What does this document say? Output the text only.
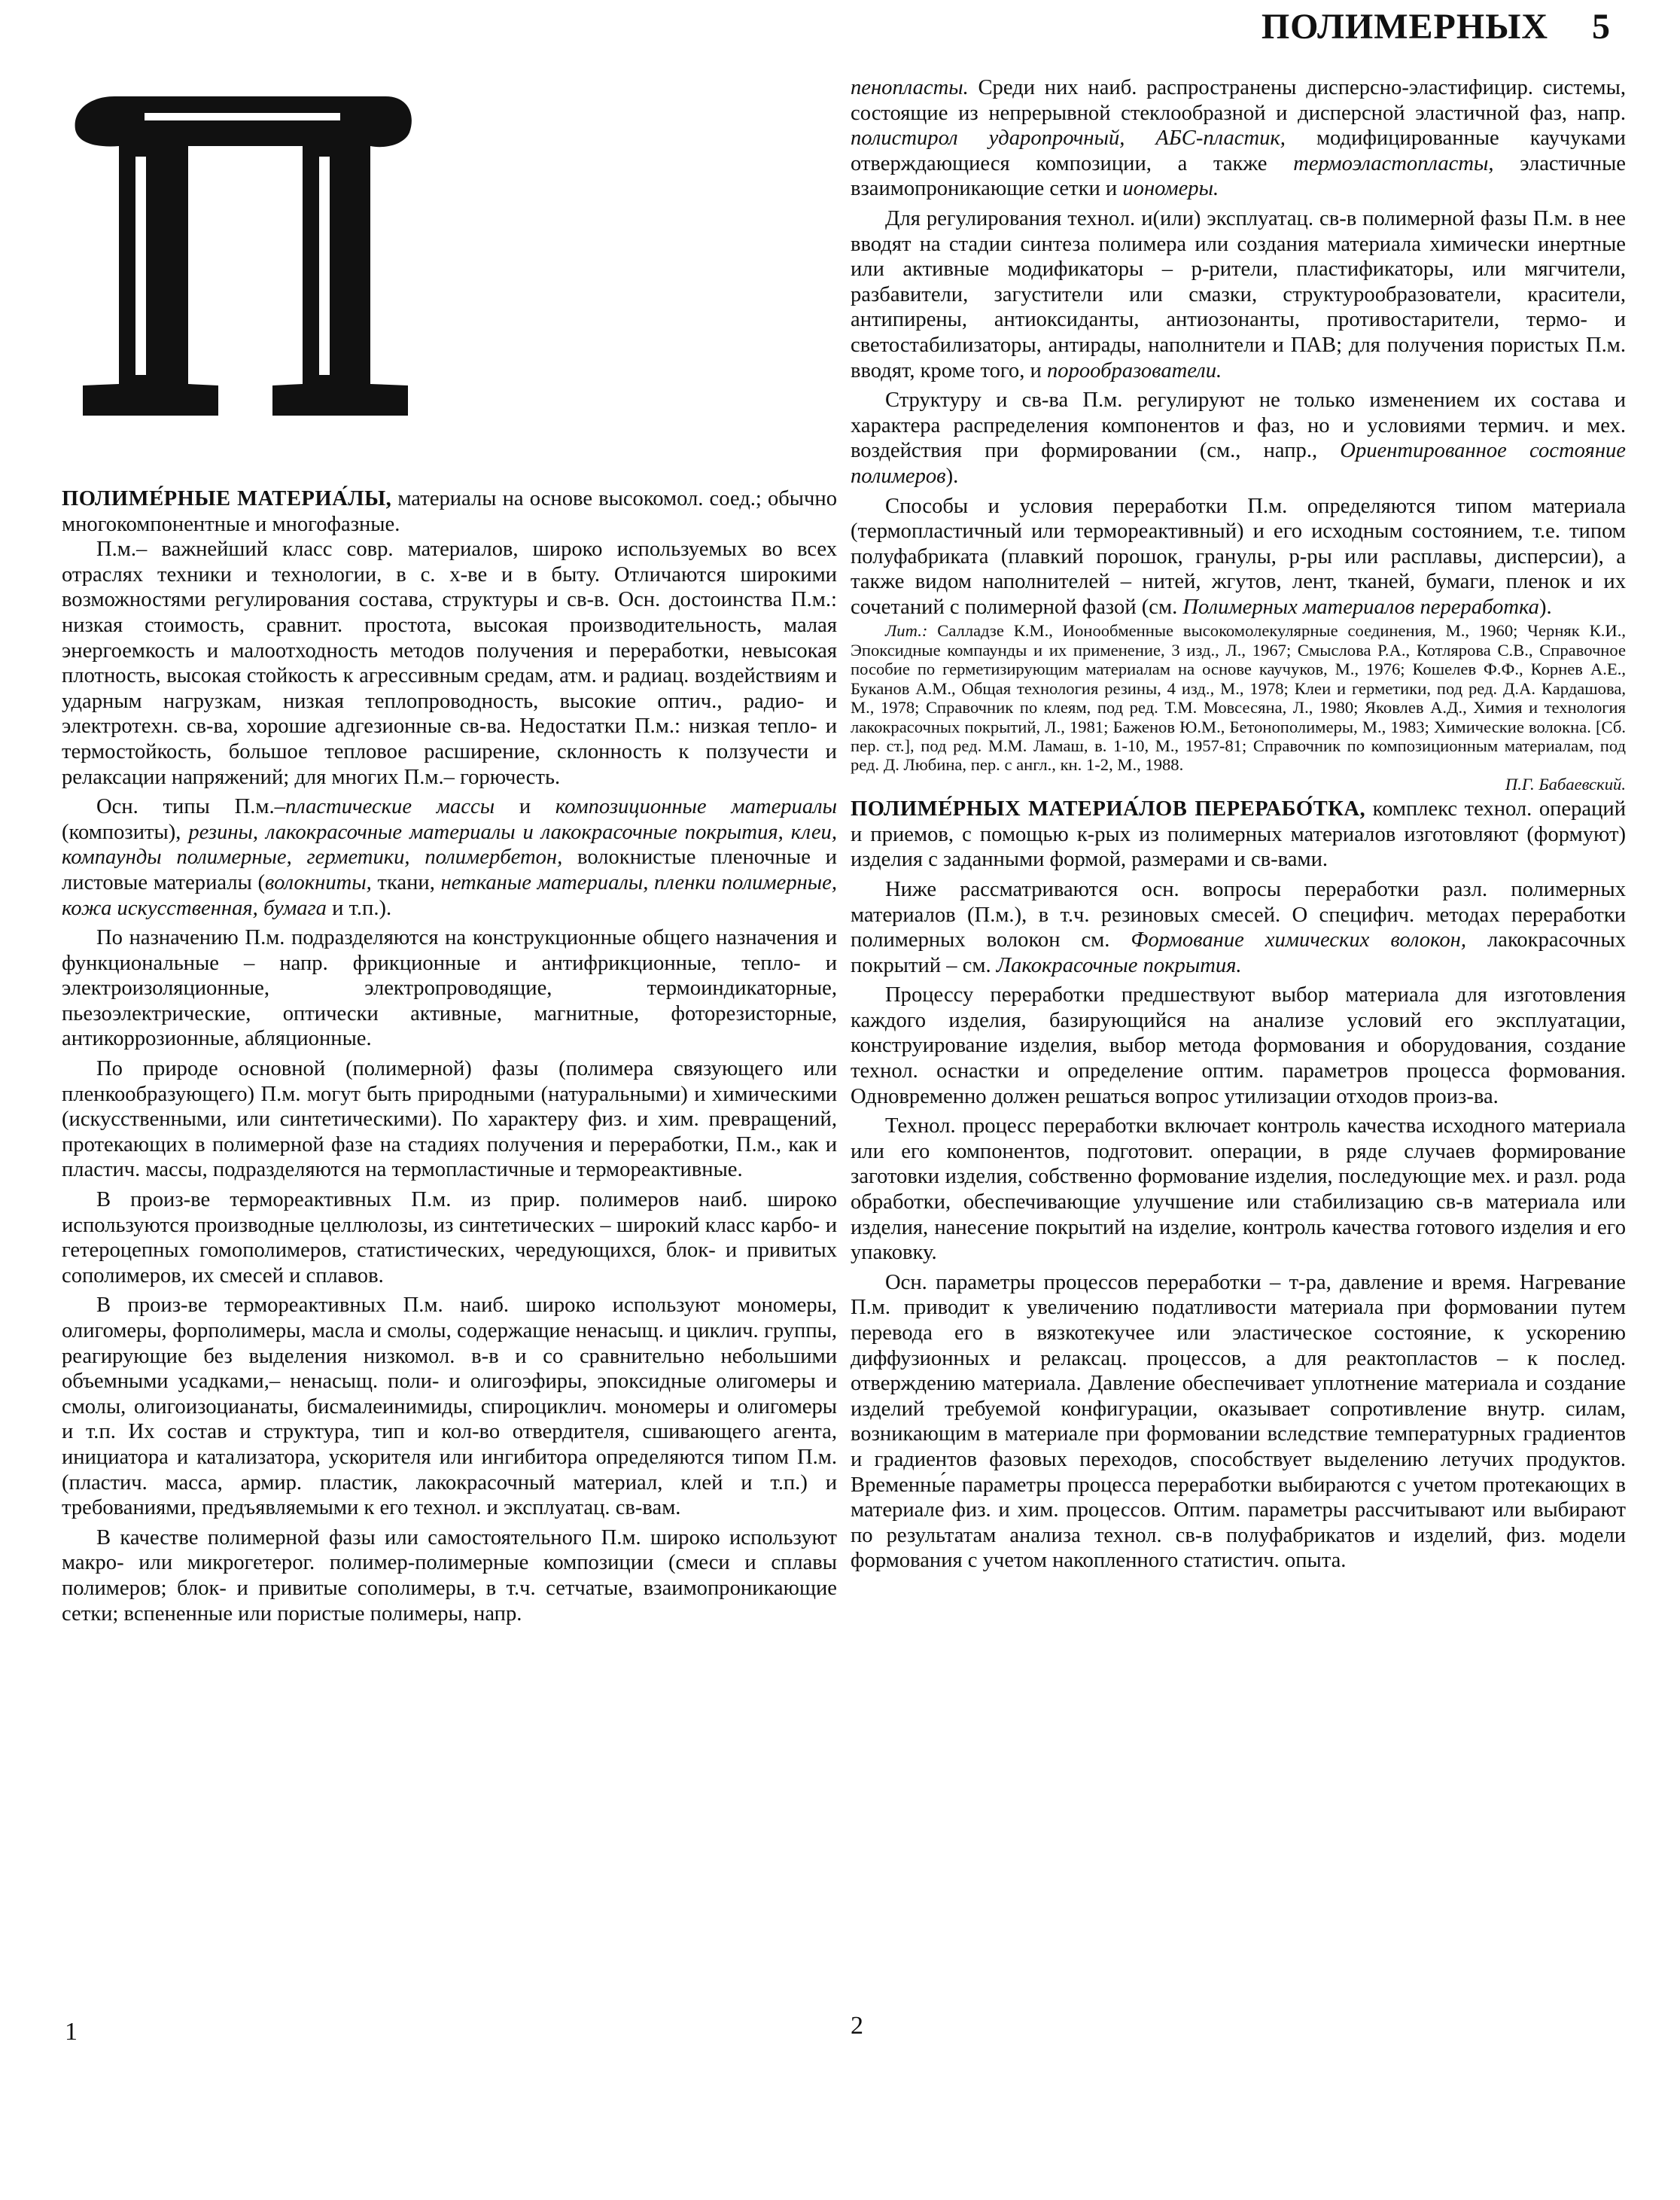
ПОЛИМЕРНЫХ 5
П

ПОЛИМЕ́РНЫЕ МАТЕРИА́ЛЫ, материалы на основе высокомол. соед.; обычно многокомпонентные и многофазные.

П.м.– важнейший класс совр. материалов, широко используемых во всех отраслях техники и технологии, в с. х-ве и в быту. Отличаются широкими возможностями регулирования состава, структуры и св-в. Осн. достоинства П.м.: низкая стоимость, сравнит. простота, высокая производительность, малая энергоемкость и малоотходность методов получения и переработки, невысокая плотность, высокая стойкость к агрессивным средам, атм. и радиац. воздействиям и ударным нагрузкам, низкая теплопроводность, высокие оптич., радио- и электротехн. св-ва, хорошие адгезионные св-ва. Недостатки П.м.: низкая тепло- и термостойкость, большое тепловое расширение, склонность к ползучести и релаксации напряжений; для многих П.м.– горючесть.

Осн. типы П.м.–пластические массы и композиционные материалы (композиты), резины, лакокрасочные материалы и лакокрасочные покрытия, клеи, компаунды полимерные, герметики, полимербетон, волокнистые пленочные и листовые материалы (волокниты, ткани, нетканые материалы, пленки полимерные, кожа искусственная, бумага и т.п.).

По назначению П.м. подразделяются на конструкционные общего назначения и функциональные – напр. фрикционные и антифрикционные, тепло- и электроизоляционные, электропроводящие, термоиндикаторные, пьезоэлектрические, оптически активные, магнитные, фоторезисторные, антикоррозионные, абляционные.

По природе основной (полимерной) фазы (полимера связующего или пленкообразующего) П.м. могут быть природными (натуральными) и химическими (искусственными, или синтетическими). По характеру физ. и хим. превращений, протекающих в полимерной фазе на стадиях получения и переработки, П.м., как и пластич. массы, подразделяются на термопластичные и термореактивные.

В произ-ве термореактивных П.м. из прир. полимеров наиб. широко используются производные целлюлозы, из синтетических – широкий класс карбо- и гетероцепных гомополимеров, статистических, чередующихся, блок- и привитых сополимеров, их смесей и сплавов.

В произ-ве термореактивных П.м. наиб. широко используют мономеры, олигомеры, форполимеры, масла и смолы, содержащие ненасыщ. и циклич. группы, реагирующие без выделения низкомол. в-в и со сравнительно небольшими объемными усадками,– ненасыщ. поли- и олигоэфиры, эпоксидные олигомеры и смолы, олигоизоцианаты, бисмалеинимиды, спироциклич. мономеры и олигомеры и т.п. Их состав и структура, тип и кол-во отвердителя, сшивающего агента, инициатора и катализатора, ускорителя или ингибитора определяются типом П.м. (пластич. масса, армир. пластик, лакокрасочный материал, клей и т.п.) и требованиями, предъявляемыми к его технол. и эксплуатац. св-вам.

В качестве полимерной фазы или самостоятельного П.м. широко используют макро- или микрогетерог. полимер-полимерные композиции (смеси и сплавы полимеров; блок- и привитые сополимеры, в т.ч. сетчатые, взаимопроникающие сетки; вспененные или пористые полимеры, напр.

пенопласты. Среди них наиб. распространены дисперсно-эластифицир. системы, состоящие из непрерывной стеклообразной и дисперсной эластичной фаз, напр. полистирол ударопрочный, АБС-пластик, модифицированные каучуками отверждающиеся композиции, а также термоэластопласты, эластичные взаимопроникающие сетки и иономеры.

Для регулирования технол. и(или) эксплуатац. св-в полимерной фазы П.м. в нее вводят на стадии синтеза полимера или создания материала химически инертные или активные модификаторы – р-рители, пластификаторы, или мягчители, разбавители, загустители или смазки, структурообразователи, красители, антипирены, антиоксиданты, антиозонанты, противостарители, термо- и светостабилизаторы, антирады, наполнители и ПАВ; для получения пористых П.м. вводят, кроме того, и порообразователи.

Структуру и св-ва П.м. регулируют не только изменением их состава и характера распределения компонентов и фаз, но и условиями термич. и мех. воздействия при формировании (см., напр., Ориентированное состояние полимеров).

Способы и условия переработки П.м. определяются типом материала (термопластичный или термореактивный) и его исходным состоянием, т.е. типом полуфабриката (плавкий порошок, гранулы, р-ры или расплавы, дисперсии), а также видом наполнителей – нитей, жгутов, лент, тканей, бумаги, пленок и их сочетаний с полимерной фазой (см. Полимерных материалов переработка).

Лит.: Салладзе К.М., Ионообменные высокомолекулярные соединения, М., 1960; Черняк К.И., Эпоксидные компаунды и их применение, 3 изд., Л., 1967; Смыслова Р.А., Котлярова С.В., Справочное пособие по герметизирующим материалам на основе каучуков, М., 1976; Кошелев Ф.Ф., Корнев А.Е., Буканов А.М., Общая технология резины, 4 изд., М., 1978; Клеи и герметики, под ред. Д.А. Кардашова, М., 1978; Справочник по клеям, под ред. Т.М. Мовсесяна, Л., 1980; Яковлев А.Д., Химия и технология лакокрасочных покрытий, Л., 1981; Баженов Ю.М., Бетонополимеры, М., 1983; Химические волокна. [Сб. пер. ст.], под ред. М.М. Ламаш, в. 1-10, М., 1957-81; Справочник по композиционным материалам, под ред. Д. Любина, пер. с англ., кн. 1-2, М., 1988.
П.Г. Бабаевский.

ПОЛИМЕ́РНЫХ МАТЕРИА́ЛОВ ПЕРЕРАБО́ТКА, комплекс технол. операций и приемов, с помощью к-рых из полимерных материалов изготовляют (формуют) изделия с заданными формой, размерами и св-вами.

Ниже рассматриваются осн. вопросы переработки разл. полимерных материалов (П.м.), в т.ч. резиновых смесей. О специфич. методах переработки полимерных волокон см. Формование химических волокон, лакокрасочных покрытий – см. Лакокрасочные покрытия.

Процессу переработки предшествуют выбор материала для изготовления каждого изделия, базирующийся на анализе условий его эксплуатации, конструирование изделия, выбор метода формования и оборудования, создание технол. оснастки и определение оптим. параметров процесса формования. Одновременно должен решаться вопрос утилизации отходов произ-ва.

Технол. процесс переработки включает контроль качества исходного материала или его компонентов, подготовит. операции, в ряде случаев формирование заготовки изделия, собственно формование изделия, последующие мех. и разл. рода обработки, обеспечивающие улучшение или стабилизацию св-в материала или изделия, нанесение покрытий на изделие, контроль качества готового изделия и его упаковку.

Осн. параметры процессов переработки – т-ра, давление и время. Нагревание П.м. приводит к увеличению податливости материала при формовании путем перевода его в вязкотекучее или эластическое состояние, к ускорению диффузионных и релаксац. процессов, а для реактопластов – к послед. отверждению материала. Давление обеспечивает уплотнение материала и создание изделий требуемой конфигурации, оказывает сопротивление внутр. силам, возникающим в материале при формовании вследствие температурных градиентов и градиентов фазовых переходов, способствует выделению летучих продуктов. Временны́е параметры процесса переработки выбираются с учетом протекающих в материале физ. и хим. процессов. Оптим. параметры рассчитывают или выбирают по результатам анализа технол. св-в полуфабрикатов и изделий, физ. модели формования с учетом накопленного статистич. опыта.

1	2
